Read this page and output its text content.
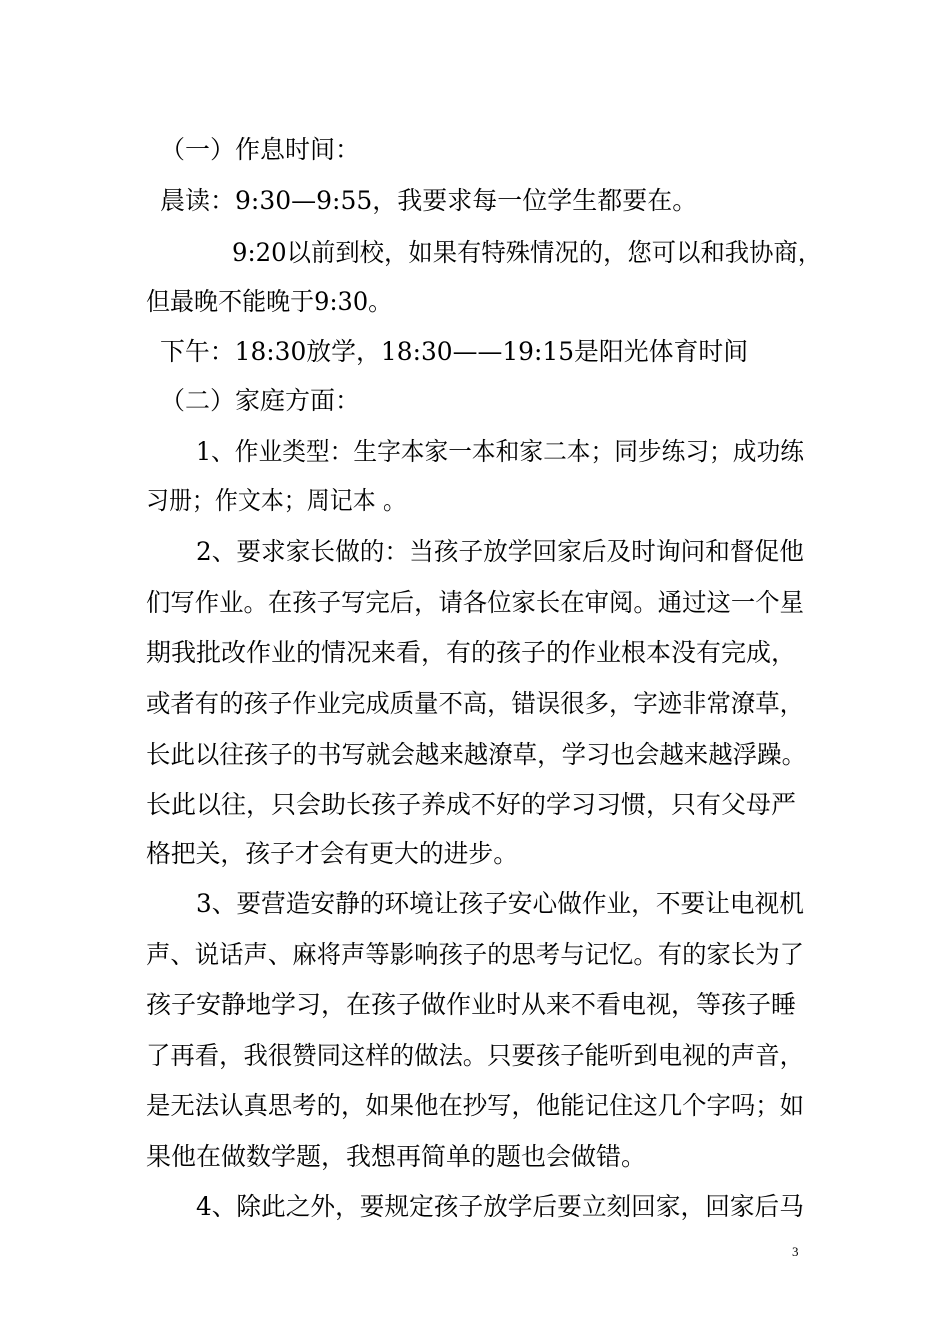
（一）作息时间：
晨读：9:30—9:55，我要求每一位学生都要在。
9:20以前到校，如果有特殊情况的，您可以和我协商，
但最晚不能晚于9:30。
下午：18:30放学，18:30——19:15是阳光体育时间
（二）家庭方面：
1、作业类型：生字本家一本和家二本；同步练习；成功练
习册；作文本；周记本 。
2、要求家长做的：当孩子放学回家后及时询问和督促他
们写作业。在孩子写完后，请各位家长在审阅。通过这一个星
期我批改作业的情况来看，有的孩子的作业根本没有完成，
或者有的孩子作业完成质量不高，错误很多，字迹非常潦草，
长此以往孩子的书写就会越来越潦草，学习也会越来越浮躁。
长此以往，只会助长孩子养成不好的学习习惯，只有父母严
格把关，孩子才会有更大的进步。
3、要营造安静的环境让孩子安心做作业，不要让电视机
声、说话声、麻将声等影响孩子的思考与记忆。有的家长为了
孩子安静地学习，在孩子做作业时从来不看电视，等孩子睡
了再看，我很赞同这样的做法。只要孩子能听到电视的声音，
是无法认真思考的，如果他在抄写，他能记住这几个字吗；如
果他在做数学题，我想再简单的题也会做错。
4、除此之外，要规定孩子放学后要立刻回家，回家后马
3
